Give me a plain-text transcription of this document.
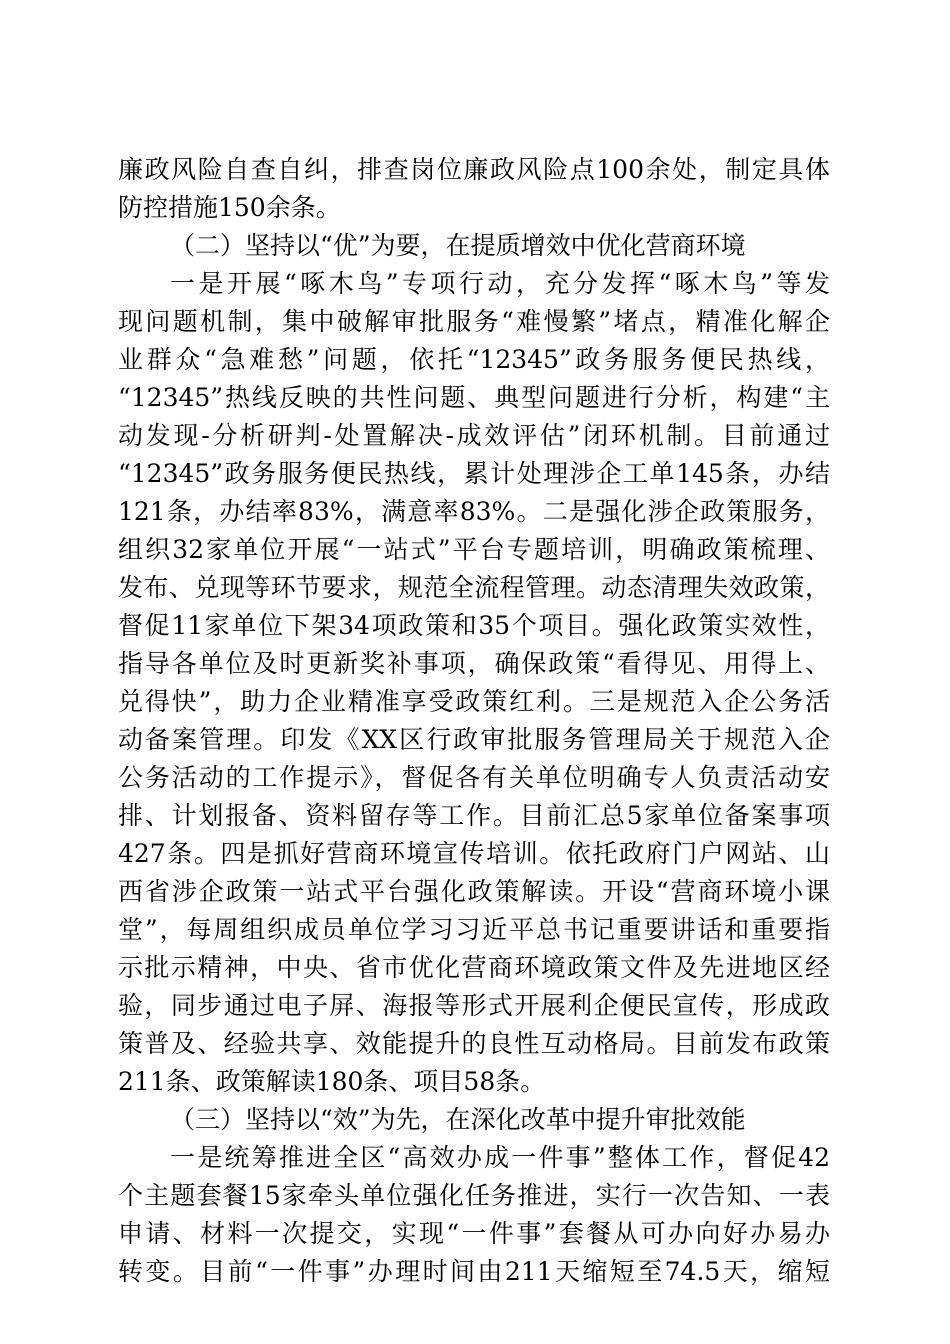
廉政风险自查自纠，排查岗位廉政风险点100余处，制定具体
防控措施150余条。
（二）坚持以“优”为要，在提质增效中优化营商环境
一是开展“啄木鸟”专项行动，充分发挥“啄木鸟”等发
现问题机制，集中破解审批服务“难慢繁”堵点，精准化解企
业群众“急难愁”问题，依托“12345”政务服务便民热线，
“12345”热线反映的共性问题、典型问题进行分析，构建“主
动发现-分析研判-处置解决-成效评估”闭环机制。目前通过
“12345”政务服务便民热线，累计处理涉企工单145条，办结
121条，办结率83%，满意率83%。二是强化涉企政策服务，
组织32家单位开展“一站式”平台专题培训，明确政策梳理、
发布、兑现等环节要求，规范全流程管理。动态清理失效政策，
督促11家单位下架34项政策和35个项目。强化政策实效性，
指导各单位及时更新奖补事项，确保政策“看得见、用得上、
兑得快”，助力企业精准享受政策红利。三是规范入企公务活
动备案管理。印发《XX区行政审批服务管理局关于规范入企
公务活动的工作提示》，督促各有关单位明确专人负责活动安
排、计划报备、资料留存等工作。目前汇总5家单位备案事项
427条。四是抓好营商环境宣传培训。依托政府门户网站、山
西省涉企政策一站式平台强化政策解读。开设“营商环境小课
堂”，每周组织成员单位学习习近平总书记重要讲话和重要指
示批示精神，中央、省市优化营商环境政策文件及先进地区经
验，同步通过电子屏、海报等形式开展利企便民宣传，形成政
策普及、经验共享、效能提升的良性互动格局。目前发布政策
211条、政策解读180条、项目58条。
（三）坚持以“效”为先，在深化改革中提升审批效能
一是统筹推进全区“高效办成一件事”整体工作，督促42
个主题套餐15家牵头单位强化任务推进，实行一次告知、一表
申请、材料一次提交，实现“一件事”套餐从可办向好办易办
转变。目前“一件事”办理时间由211天缩短至74.5天，缩短
